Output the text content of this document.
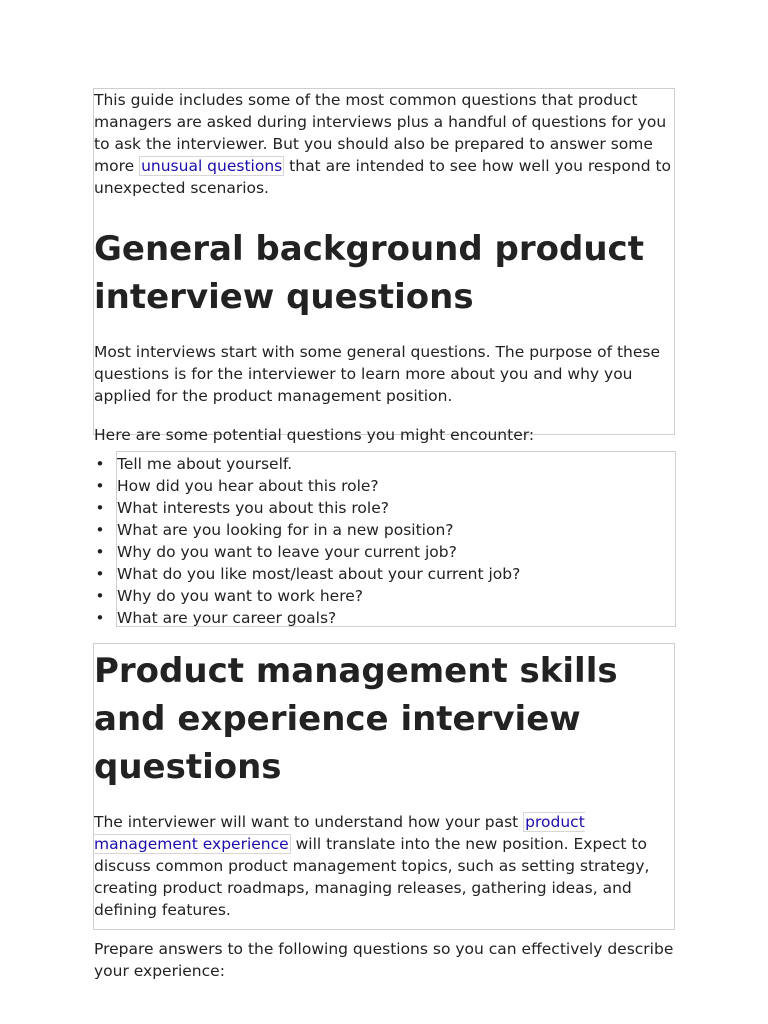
This guide includes some of the most common questions that product managers are asked during interviews plus a handful of questions for you to ask the interviewer. But you should also be prepared to answer some more unusual questions that are intended to see how well you respond to unexpected scenarios.

General background product interview questions

Most interviews start with some general questions. The purpose of these questions is for the interviewer to learn more about you and why you applied for the product management position.

Here are some potential questions you might encounter:

• Tell me about yourself.
• How did you hear about this role?
• What interests you about this role?
• What are you looking for in a new position?
• Why do you want to leave your current job?
• What do you like most/least about your current job?
• Why do you want to work here?
• What are your career goals?
Product management skills and experience interview questions

The interviewer will want to understand how your past product management experience will translate into the new position. Expect to discuss common product management topics, such as setting strategy, creating product roadmaps, managing releases, gathering ideas, and defining features.

Prepare answers to the following questions so you can effectively describe your experience:
